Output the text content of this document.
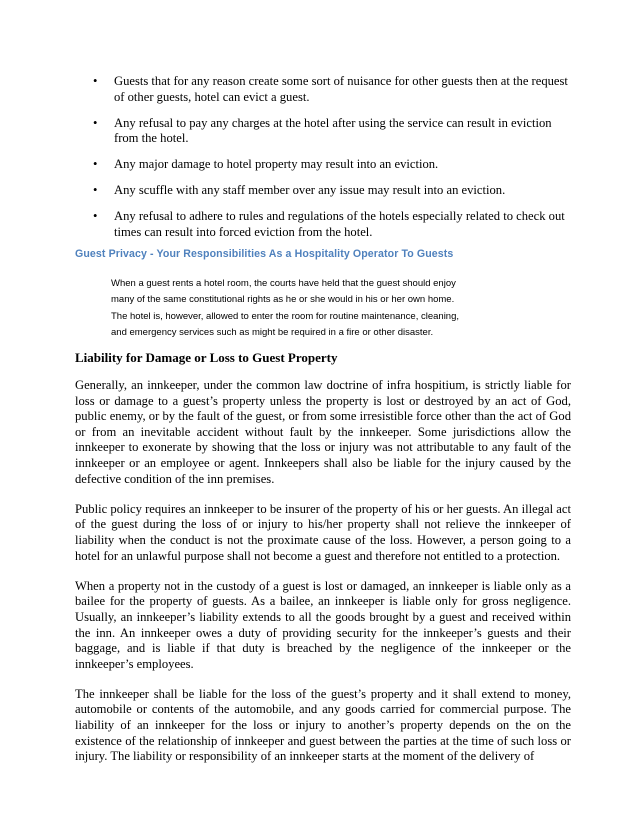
• Guests that for any reason create some sort of nuisance for other guests then at the request of other guests, hotel can evict a guest.
• Any refusal to pay any charges at the hotel after using the service can result in eviction from the hotel.
• Any major damage to hotel property may result into an eviction.
• Any scuffle with any staff member over any issue may result into an eviction.
• Any refusal to adhere to rules and regulations of the hotels especially related to check out times can result into forced eviction from the hotel.
Guest Privacy - Your Responsibilities As a Hospitality Operator To Guests
When a guest rents a hotel room, the courts have held that the guest should enjoy
many of the same constitutional rights as he or she would in his or her own home.
The hotel is, however, allowed to enter the room for routine maintenance, cleaning,
and emergency services such as might be required in a fire or other disaster.
Liability for Damage or Loss to Guest Property

Generally, an innkeeper, under the common law doctrine of infra hospitium, is strictly liable for loss or damage to a guest’s property unless the property is lost or destroyed by an act of God, public enemy, or by the fault of the guest, or from some irresistible force other than the act of God or from an inevitable accident without fault by the innkeeper. Some jurisdictions allow the innkeeper to exonerate by showing that the loss or injury was not attributable to any fault of the innkeeper or an employee or agent. Innkeepers shall also be liable for the injury caused by the defective condition of the inn premises.

Public policy requires an innkeeper to be insurer of the property of his or her guests. An illegal act of the guest during the loss of or injury to his/her property shall not relieve the innkeeper of liability when the conduct is not the proximate cause of the loss. However, a person going to a hotel for an unlawful purpose shall not become a guest and therefore not entitled to a protection.

When a property not in the custody of a guest is lost or damaged, an innkeeper is liable only as a bailee for the property of guests. As a bailee, an innkeeper is liable only for gross negligence. Usually, an innkeeper’s liability extends to all the goods brought by a guest and received within the inn. An innkeeper owes a duty of providing security for the innkeeper’s guests and their baggage, and is liable if that duty is breached by the negligence of the innkeeper or the innkeeper’s employees.

The innkeeper shall be liable for the loss of the guest’s property and it shall extend to money, automobile or contents of the automobile, and any goods carried for commercial purpose. The liability of an innkeeper for the loss or injury to another’s property depends on the on the existence of the relationship of innkeeper and guest between the parties at the time of such loss or injury. The liability or responsibility of an innkeeper starts at the moment of the delivery of
